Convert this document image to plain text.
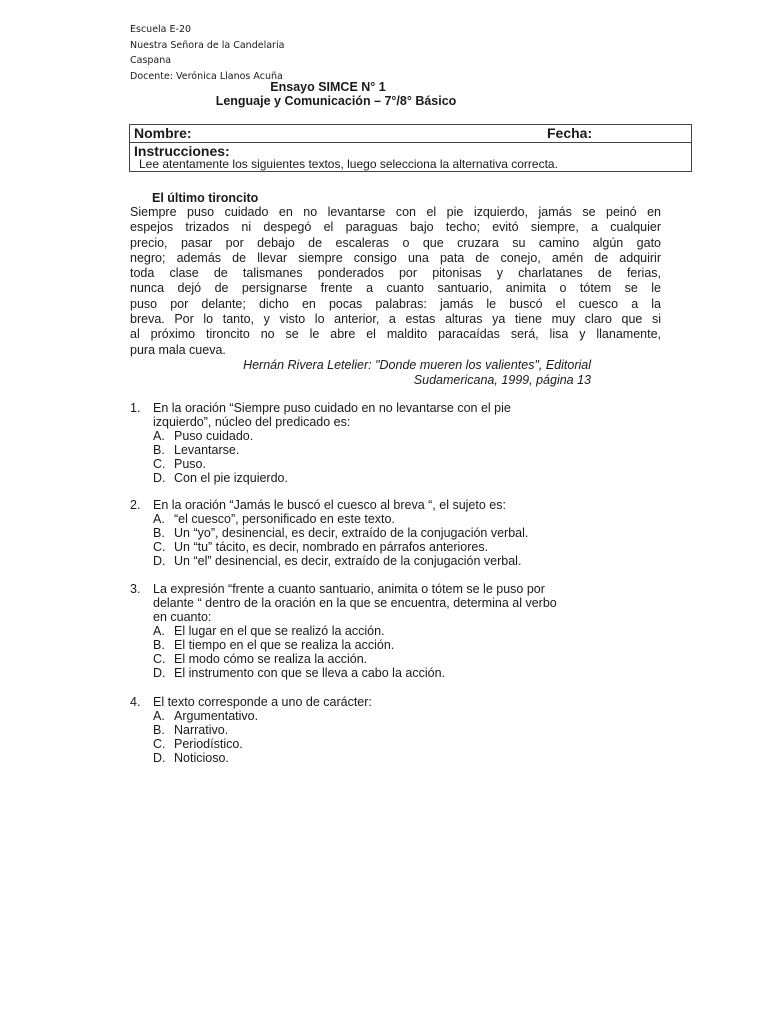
Escuela E-20
Nuestra Señora de la Candelaria
Caspana
Docente: Verónica Llanos Acuña
Ensayo SIMCE N° 1
Lenguaje y Comunicación – 7°/8° Básico
Nombre:	Fecha:
Instrucciones:
Lee atentamente los siguientes textos, luego selecciona la alternativa correcta.
El último tironcito
Siempre puso cuidado en no levantarse con el pie izquierdo, jamás se peinó en
espejos trizados ni despegó el paraguas bajo techo; evitó siempre, a cualquier
precio, pasar por debajo de escaleras o que cruzara su camino algún gato
negro; además de llevar siempre consigo una pata de conejo, amén de adquirir
toda clase de talismanes ponderados por pitonisas y charlatanes de ferias,
nunca dejó de persignarse frente a cuanto santuario, animita o tótem se le
puso por delante; dicho en pocas palabras: jamás le buscó el cuesco a la
breva. Por lo tanto, y visto lo anterior, a estas alturas ya tiene muy claro que si
al próximo tironcito no se le abre el maldito paracaídas será, lisa y llanamente,
pura mala cueva.
Hernán Rivera Letelier: "Donde mueren los valientes", Editorial
Sudamericana, 1999, página 13
1. En la oración “Siempre puso cuidado en no levantarse con el pie
izquierdo”, núcleo del predicado es:
A. Puso cuidado.
B. Levantarse.
C. Puso.
D. Con el pie izquierdo.
2. En la oración “Jamás le buscó el cuesco al breva “, el sujeto es:
A. “el cuesco”, personificado en este texto.
B. Un “yo”, desinencial, es decir, extraído de la conjugación verbal.
C. Un “tu” tácito, es decir, nombrado en párrafos anteriores.
D. Un “el” desinencial, es decir, extraído de la conjugación verbal.
3. La expresión “frente a cuanto santuario, animita o tótem se le puso por
delante “ dentro de la oración en la que se encuentra, determina al verbo
en cuanto:
A. El lugar en el que se realizó la acción.
B. El tiempo en el que se realiza la acción.
C. El modo cómo se realiza la acción.
D. El instrumento con que se lleva a cabo la acción.
4. El texto corresponde a uno de carácter:
A. Argumentativo.
B. Narrativo.
C. Periodístico.
D. Noticioso.
